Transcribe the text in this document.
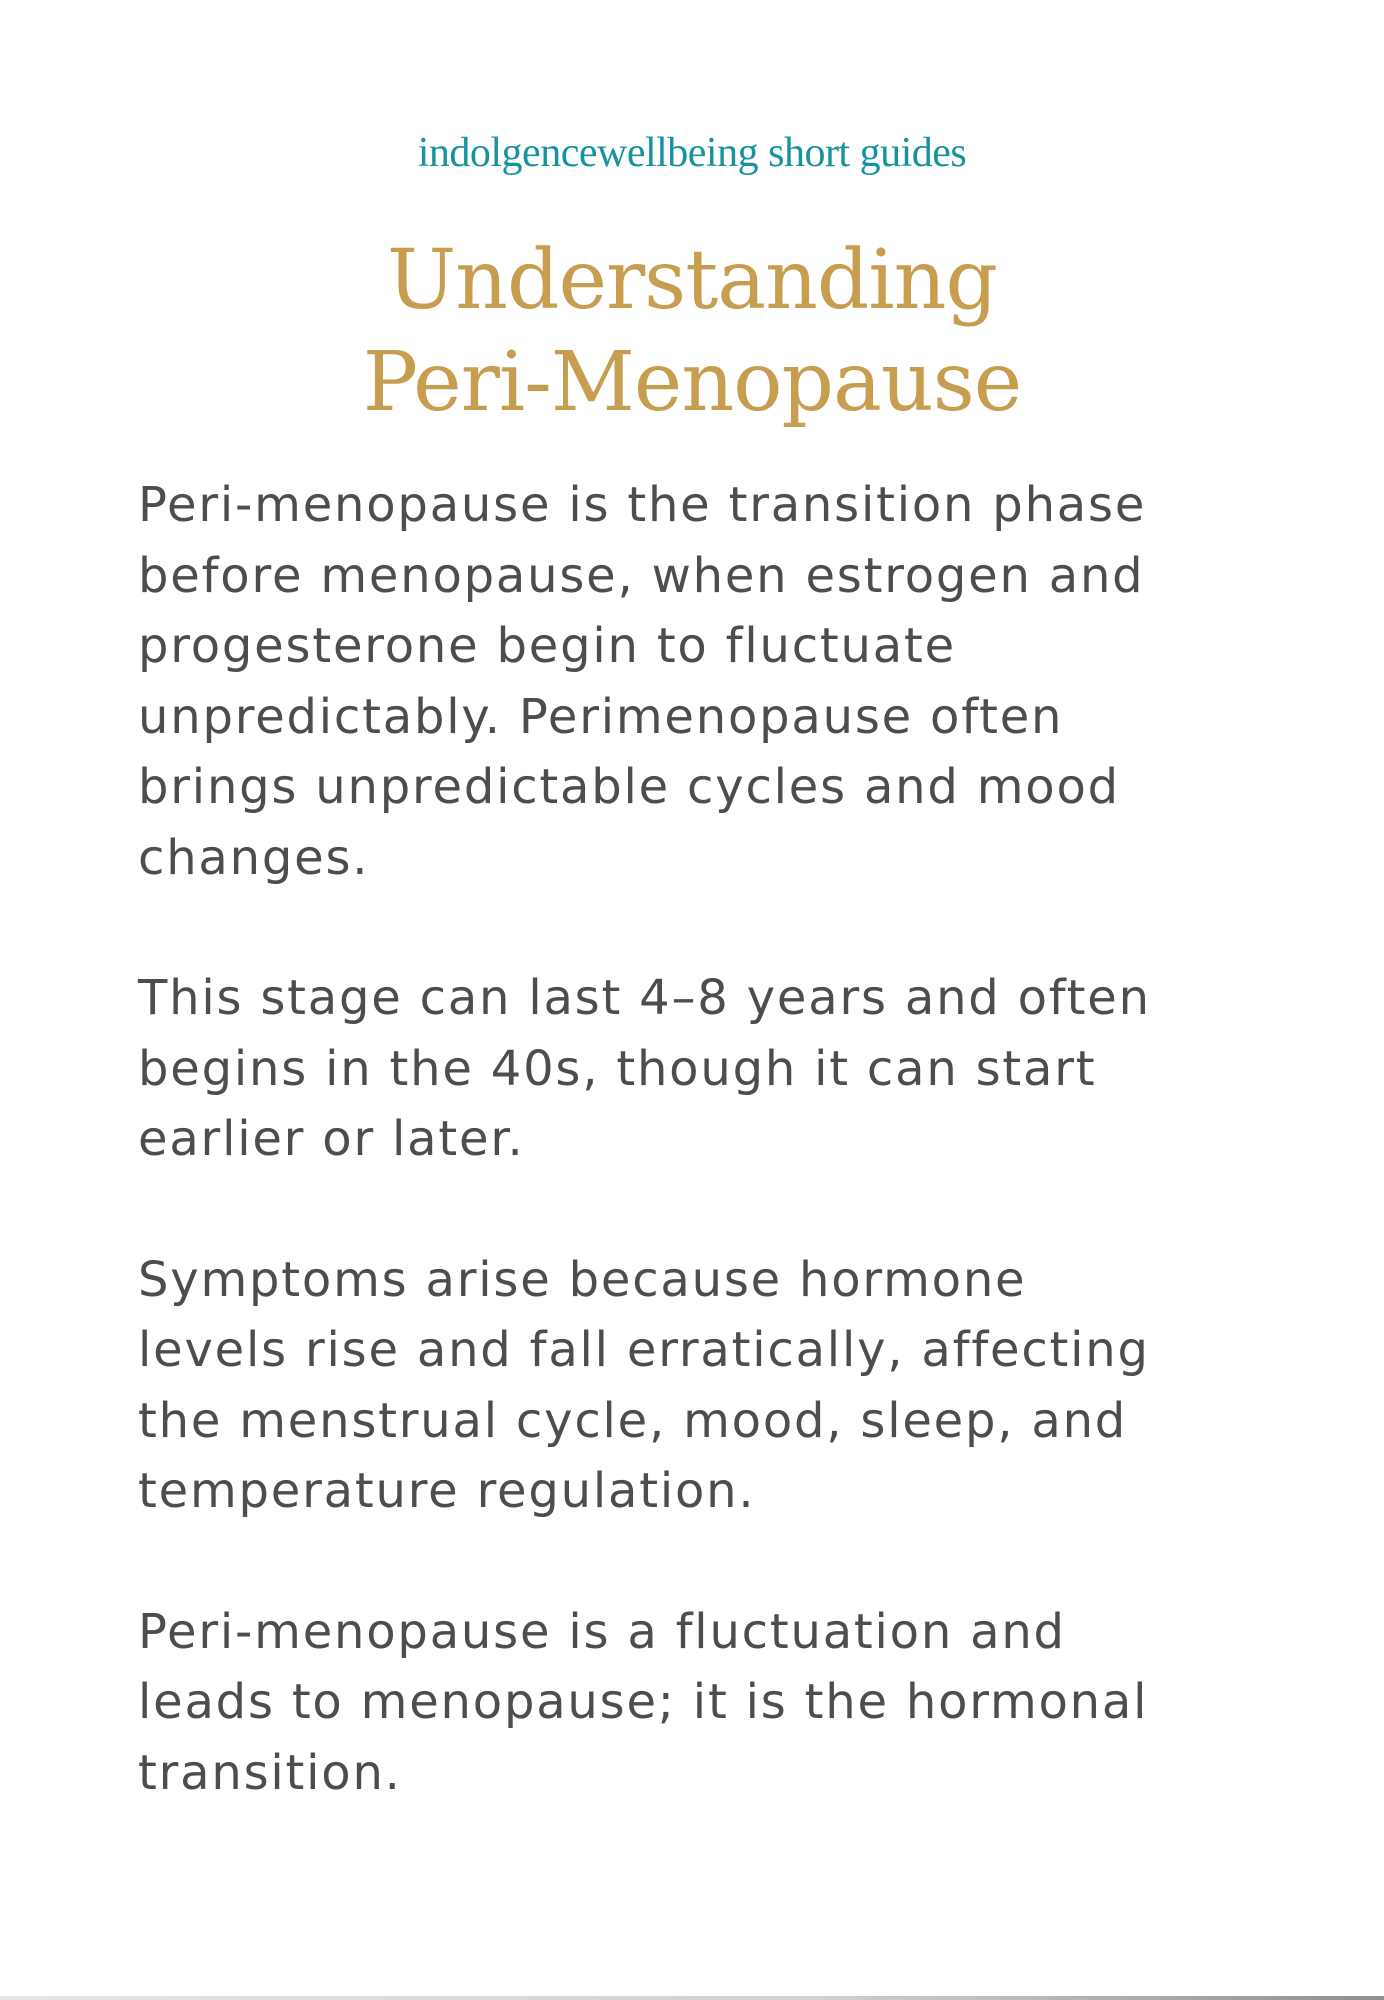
indolgencewellbeing short guides
Understanding
Peri-Menopause

Peri-menopause is the transition phase
before menopause, when estrogen and
progesterone begin to fluctuate
unpredictably. Perimenopause often
brings unpredictable cycles and mood
changes.

This stage can last 4–8 years and often
begins in the 40s, though it can start
earlier or later.

Symptoms arise because hormone
levels rise and fall erratically, affecting
the menstrual cycle, mood, sleep, and
temperature regulation.

Peri-menopause is a fluctuation and
leads to menopause; it is the hormonal
transition.
